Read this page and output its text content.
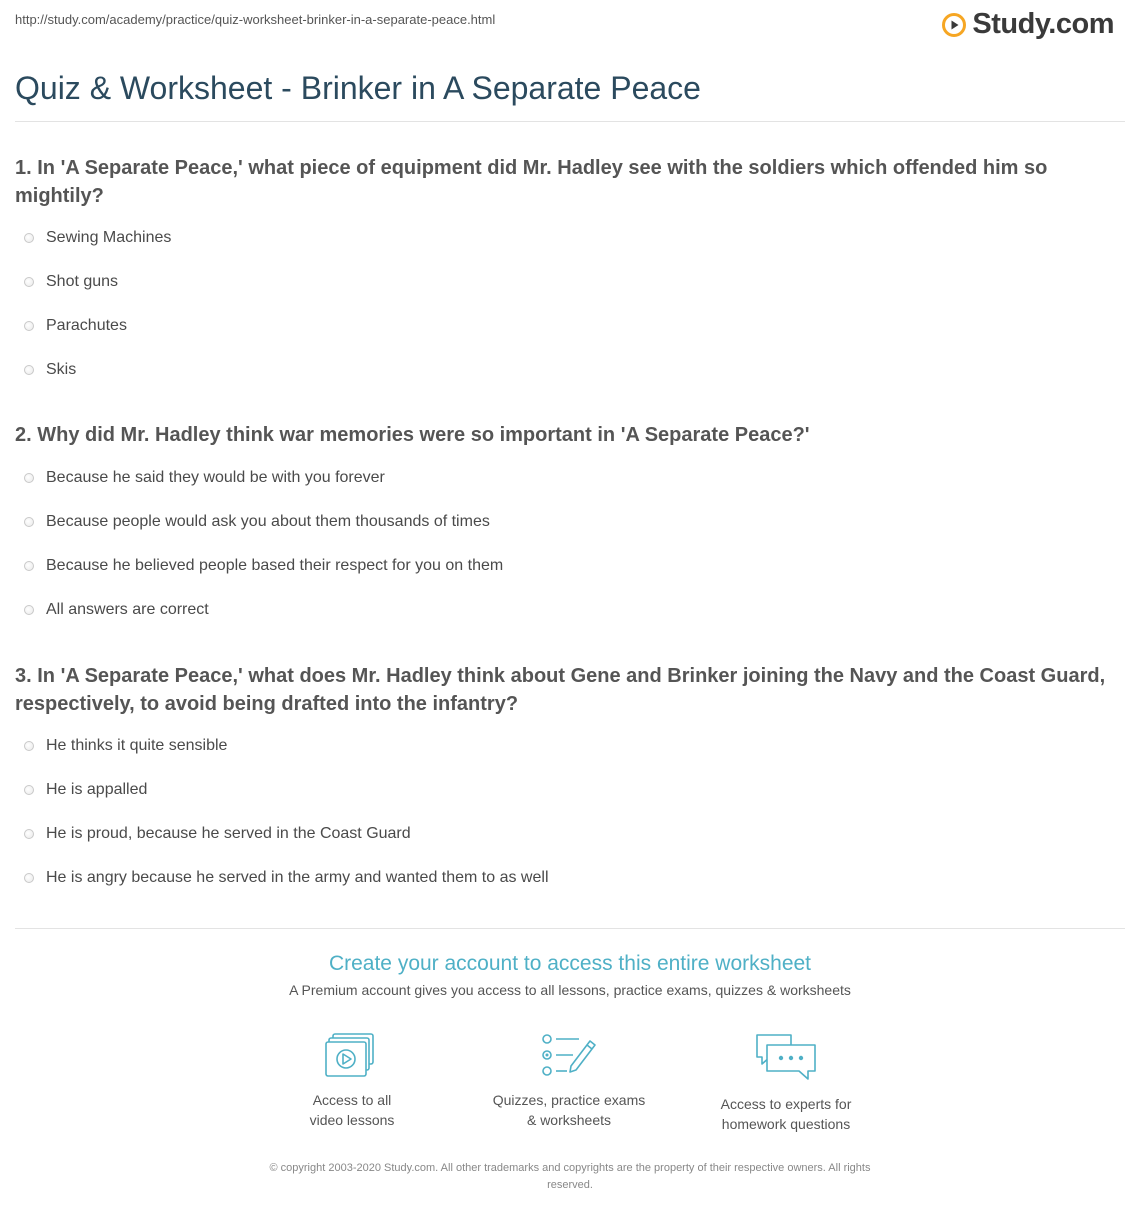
http://study.com/academy/practice/quiz-worksheet-brinker-in-a-separate-peace.html	Study.com
Quiz & Worksheet - Brinker in A Separate Peace
1. In 'A Separate Peace,' what piece of equipment did Mr. Hadley see with the soldiers which offended him so mightily?
Sewing Machines
Shot guns
Parachutes
Skis
2. Why did Mr. Hadley think war memories were so important in 'A Separate Peace?'
Because he said they would be with you forever
Because people would ask you about them thousands of times
Because he believed people based their respect for you on them
All answers are correct
3. In 'A Separate Peace,' what does Mr. Hadley think about Gene and Brinker joining the Navy and the Coast Guard, respectively, to avoid being drafted into the infantry?
He thinks it quite sensible
He is appalled
He is proud, because he served in the Coast Guard
He is angry because he served in the army and wanted them to as well
Create your account to access this entire worksheet
A Premium account gives you access to all lessons, practice exams, quizzes & worksheets
Access to all
video lessons
Quizzes, practice exams
& worksheets
Access to experts for
homework questions
© copyright 2003-2020 Study.com. All other trademarks and copyrights are the property of their respective owners. All rights
reserved.
